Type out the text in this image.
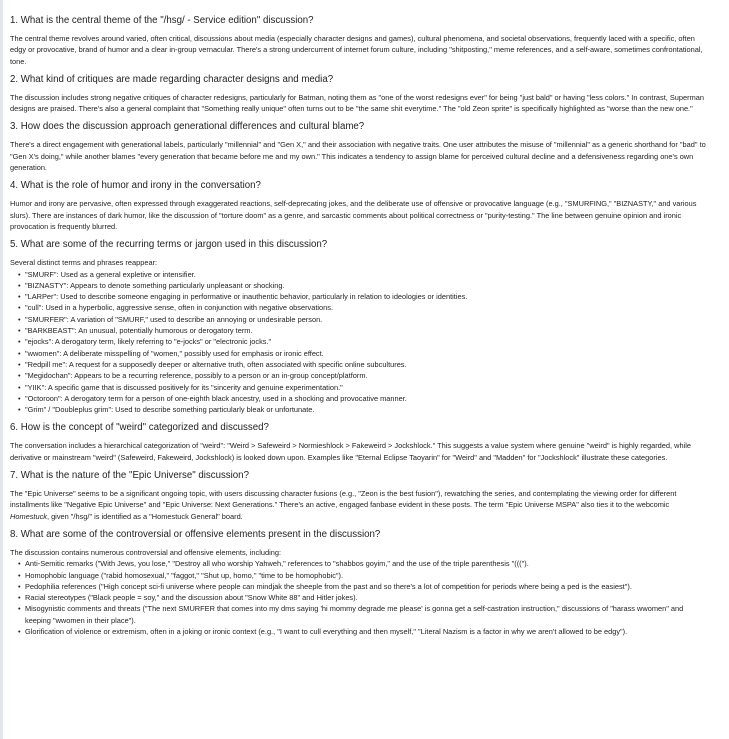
1. What is the central theme of the "/hsg/ - Service edition" discussion?

The central theme revolves around varied, often critical, discussions about media (especially character designs and games), cultural phenomena, and societal observations, frequently laced with a specific, often edgy or provocative, brand of humor and a clear in-group vernacular. There's a strong undercurrent of internet forum culture, including "shitposting," meme references, and a self-aware, sometimes confrontational, tone.

2. What kind of critiques are made regarding character designs and media?

The discussion includes strong negative critiques of character redesigns, particularly for Batman, noting them as "one of the worst redesigns ever" for being "just bald" or having "less colors." In contrast, Superman designs are praised. There's also a general complaint that "Something really unique" often turns out to be "the same shit everytime." The "old Zeon sprite" is specifically highlighted as "worse than the new one."

3. How does the discussion approach generational differences and cultural blame?

There's a direct engagement with generational labels, particularly "millennial" and "Gen X," and their association with negative traits. One user attributes the misuse of "millennial" as a generic shorthand for "bad" to "Gen X's doing," while another blames "every generation that became before me and my own." This indicates a tendency to assign blame for perceived cultural decline and a defensiveness regarding one's own generation.

4. What is the role of humor and irony in the conversation?

Humor and irony are pervasive, often expressed through exaggerated reactions, self-deprecating jokes, and the deliberate use of offensive or provocative language (e.g., "SMURFING," "BIZNASTY," and various slurs). There are instances of dark humor, like the discussion of "torture doom" as a genre, and sarcastic comments about political correctness or "purity-testing." The line between genuine opinion and ironic provocation is frequently blurred.

5. What are some of the recurring terms or jargon used in this discussion?

Several distinct terms and phrases reappear:

• "SMURF": Used as a general expletive or intensifier.
• "BIZNASTY": Appears to denote something particularly unpleasant or shocking.
• "LARPer": Used to describe someone engaging in performative or inauthentic behavior, particularly in relation to ideologies or identities.
• "cull": Used in a hyperbolic, aggressive sense, often in conjunction with negative observations.
• "SMURFER": A variation of "SMURF," used to describe an annoying or undesirable person.
• "BARKBEAST": An unusual, potentially humorous or derogatory term.
• "ejocks": A derogatory term, likely referring to "e-jocks" or "electronic jocks."
• "wwomen": A deliberate misspelling of "women," possibly used for emphasis or ironic effect.
• "Redpill me": A request for a supposedly deeper or alternative truth, often associated with specific online subcultures.
• "Megidochan": Appears to be a recurring reference, possibly to a person or an in-group concept/platform.
• "YIIK": A specific game that is discussed positively for its "sincerity and genuine experimentation."
• "Octoroon": A derogatory term for a person of one-eighth black ancestry, used in a shocking and provocative manner.
• "Grim" / "Doubleplus grim": Used to describe something particularly bleak or unfortunate.
6. How is the concept of "weird" categorized and discussed?

The conversation includes a hierarchical categorization of "weird": "Weird > Safeweird > Normieshlock > Fakeweird > Jockshlock." This suggests a value system where genuine "weird" is highly regarded, while derivative or mainstream "weird" (Safeweird, Fakeweird, Jockshlock) is looked down upon. Examples like "Eternal Eclipse Taoyarin" for "Weird" and "Madden" for "Jockshlock" illustrate these categories.

7. What is the nature of the "Epic Universe" discussion?

The "Epic Universe" seems to be a significant ongoing topic, with users discussing character fusions (e.g., "Zeon is the best fusion"), rewatching the series, and contemplating the viewing order for different installments like "Negative Epic Universe" and "Epic Universe: Next Generations." There's an active, engaged fanbase evident in these posts. The term "Epic Universe MSPA" also ties it to the webcomic Homestuck, given "/hsg/" is identified as a "Homestuck General" board.

8. What are some of the controversial or offensive elements present in the discussion?

The discussion contains numerous controversial and offensive elements, including:

• Anti-Semitic remarks ("With Jews, you lose," "Destroy all who worship Yahweh," references to "shabbos goyim," and the use of the triple parenthesis "(((").
• Homophobic language ("rabid homosexual," "faggot," "Shut up, homo," "time to be homophobic").
• Pedophilia references ("High concept sci-fi universe where people can mindjak the sheeple from the past and so there's a lot of competition for periods where being a ped is the easiest").
• Racial stereotypes ("Black people = soy," and the discussion about "Snow White 88" and Hitler jokes).
• Misogynistic comments and threats ("The next SMURFER that comes into my dms saying 'hi mommy degrade me please' is gonna get a self-castration instruction," discussions of "harass wwomen" and keeping "wwomen in their place").
• Glorification of violence or extremism, often in a joking or ironic context (e.g., "I want to cull everything and then myself," "Literal Nazism is a factor in why we aren't allowed to be edgy").
